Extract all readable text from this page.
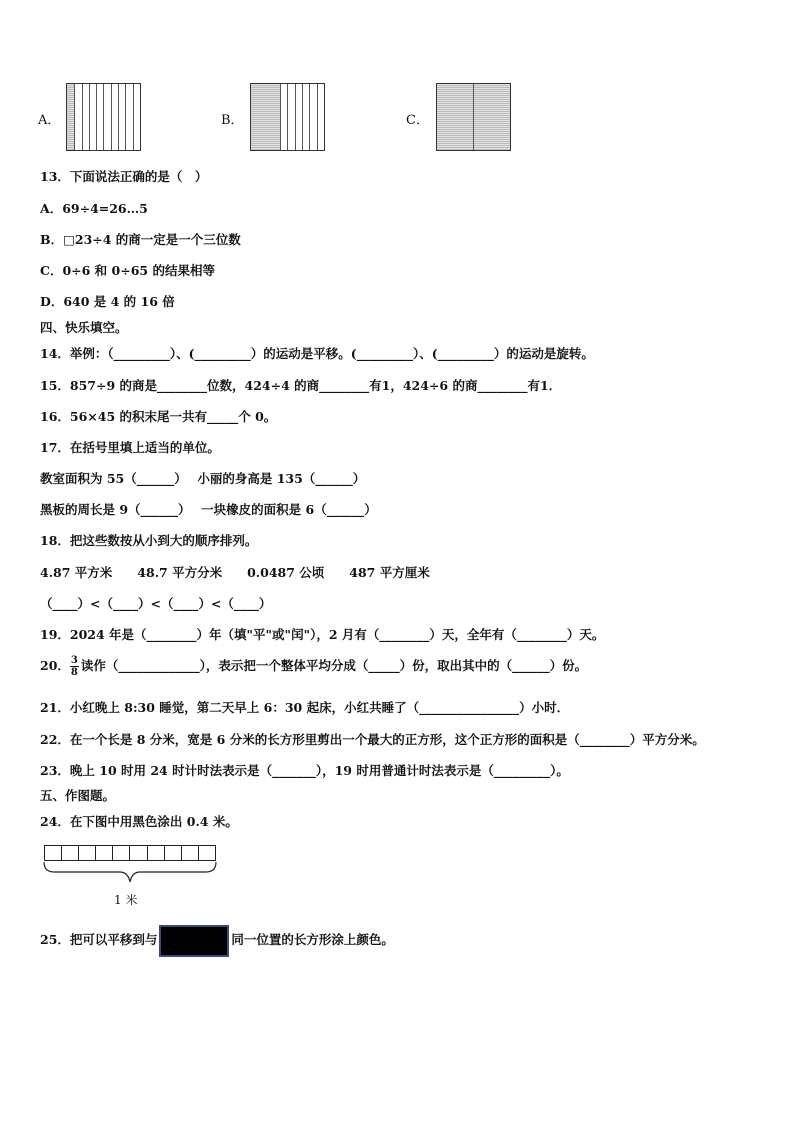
A．	B．	C．
13．下面说法正确的是（　）
A．69÷4=26…5
B．□23÷4 的商一定是一个三位数
C．0÷6 和 0÷65 的结果相等
D．640 是 4 的 16 倍
四、快乐填空。
14．举例：（_________）、(_________）的运动是平移。(_________）、(_________）的运动是旋转。
15．857÷9 的商是________位数，424÷4 的商________有1，424÷6 的商________有1．
16．56×45 的积末尾一共有_____个 0。
17．在括号里填上适当的单位。
教室面积为 55（______）　 小丽的身高是 135（______）
黑板的周长是 9（______）　 一块橡皮的面积是 6（______）
18．把这些数按从小到大的顺序排列。
4.87 平方米　　48.7 平方分米　　0.0487 公顷　　487 平方厘米
（____）<（____）<（____）<（____）
19．2024 年是（________）年（填"平"或"闰"），2 月有（________）天，全年有（________）天。
20． $\frac{3}{8}$ 读作（_____________），表示把一个整体平均分成（_____）份，取出其中的（______）份。
21．小红晚上 8:30 睡觉，第二天早上 6：30 起床，小红共睡了（________________）小时．
22．在一个长是 8 分米，宽是 6 分米的长方形里剪出一个最大的正方形，这个正方形的面积是（________）平方分米。
23．晚上 10 时用 24 时计时法表示是（_______），19 时用普通计时法表示是（_________）。
五、作图题。
24．在下图中用黑色涂出 0.4 米。
1 米
25．把可以平移到与	同一位置的长方形涂上颜色。
